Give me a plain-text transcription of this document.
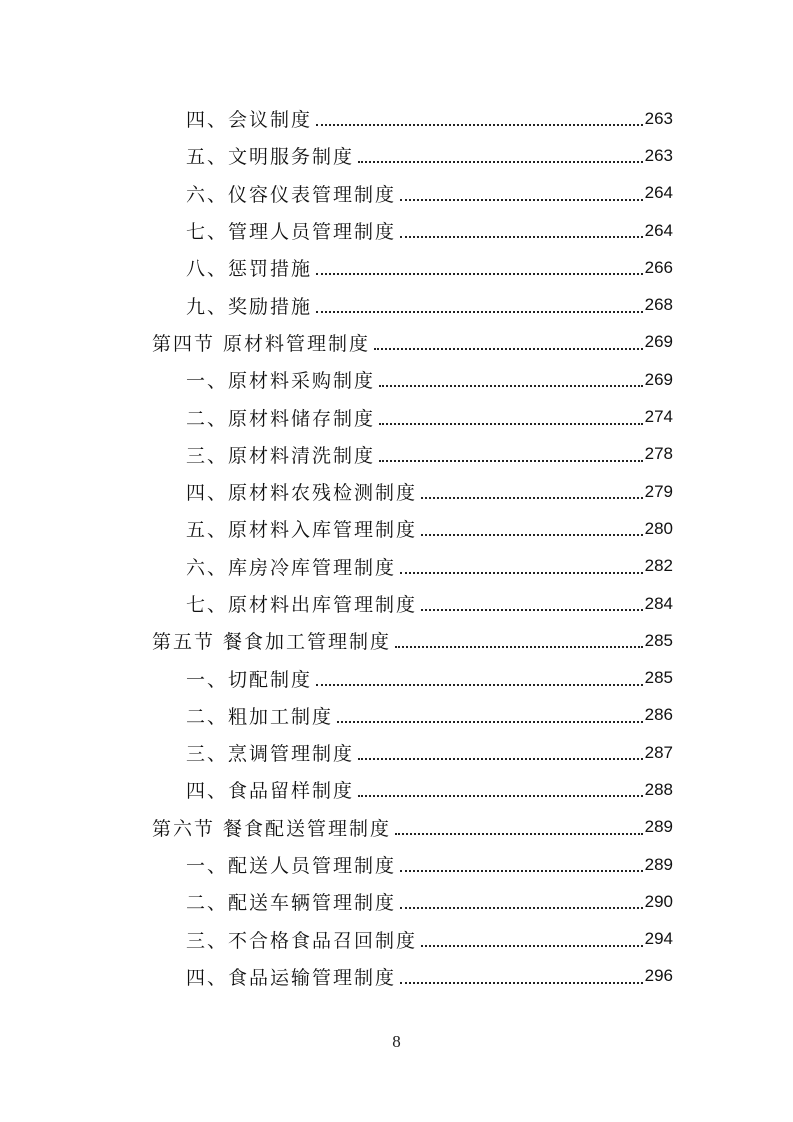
四、会议制度	263
五、文明服务制度	263
六、仪容仪表管理制度	264
七、管理人员管理制度	264
八、惩罚措施	266
九、奖励措施	268
第四节 原材料管理制度	269
一、原材料采购制度	269
二、原材料储存制度	274
三、原材料清洗制度	278
四、原材料农残检测制度	279
五、原材料入库管理制度	280
六、库房冷库管理制度	282
七、原材料出库管理制度	284
第五节 餐食加工管理制度	285
一、切配制度	285
二、粗加工制度	286
三、烹调管理制度	287
四、食品留样制度	288
第六节 餐食配送管理制度	289
一、配送人员管理制度	289
二、配送车辆管理制度	290
三、不合格食品召回制度	294
四、食品运输管理制度	296
8
